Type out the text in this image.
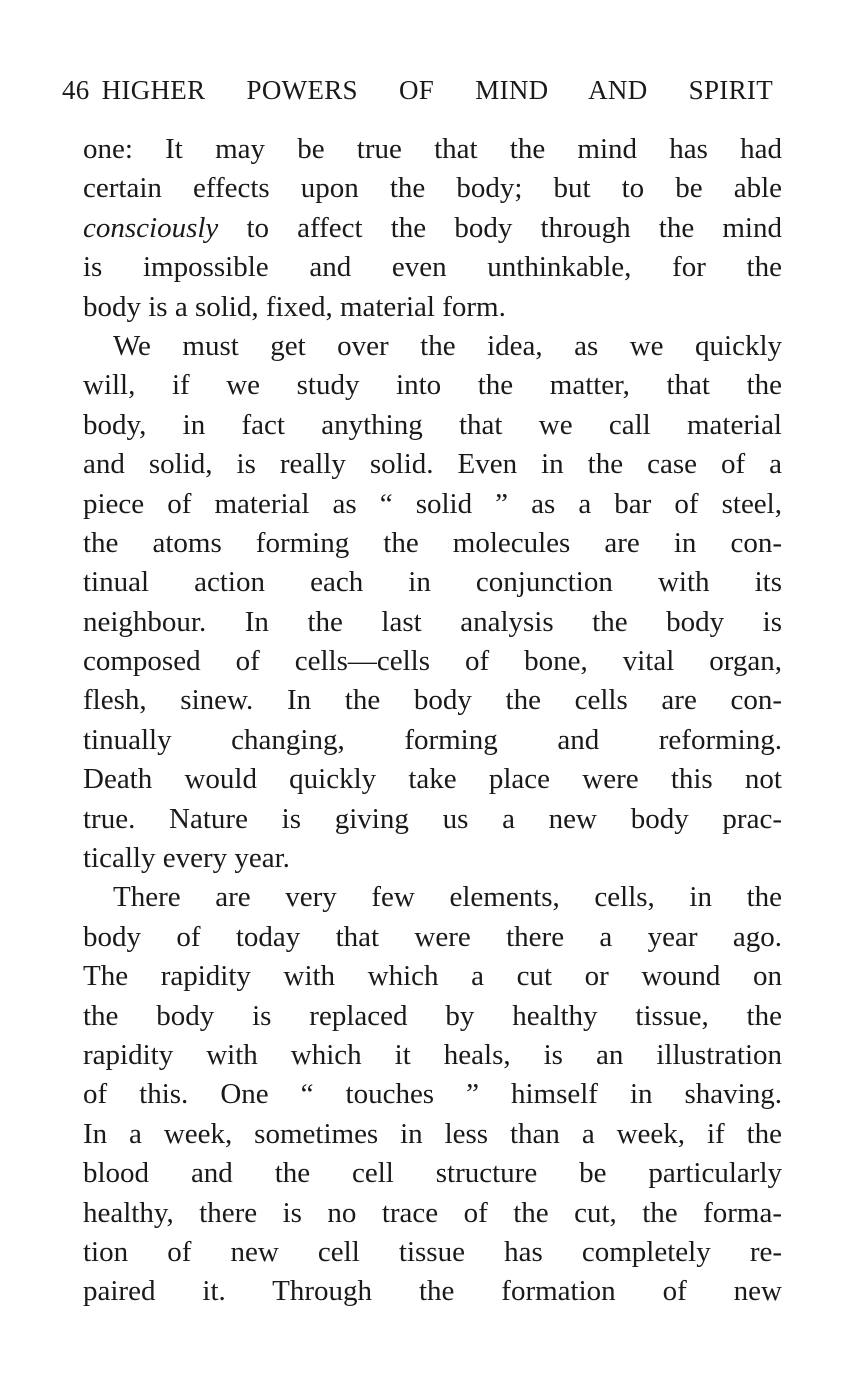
46 HIGHER POWERS OF MIND AND SPIRIT
one: It may be true that the mind has had
certain effects upon the body; but to be able
consciously to affect the body through the mind
is impossible and even unthinkable, for the
body is a solid, fixed, material form.
We must get over the idea, as we quickly
will, if we study into the matter, that the
body, in fact anything that we call material
and solid, is really solid. Even in the case of a
piece of material as “ solid ” as a bar of steel,
the atoms forming the molecules are in con-
tinual action each in conjunction with its
neighbour. In the last analysis the body is
composed of cells—cells of bone, vital organ,
flesh, sinew. In the body the cells are con-
tinually changing, forming and reforming.
Death would quickly take place were this not
true. Nature is giving us a new body prac-
tically every year.
There are very few elements, cells, in the
body of today that were there a year ago.
The rapidity with which a cut or wound on
the body is replaced by healthy tissue, the
rapidity with which it heals, is an illustration
of this. One “ touches ” himself in shaving.
In a week, sometimes in less than a week, if the
blood and the cell structure be particularly
healthy, there is no trace of the cut, the forma-
tion of new cell tissue has completely re-
paired it. Through the formation of new
